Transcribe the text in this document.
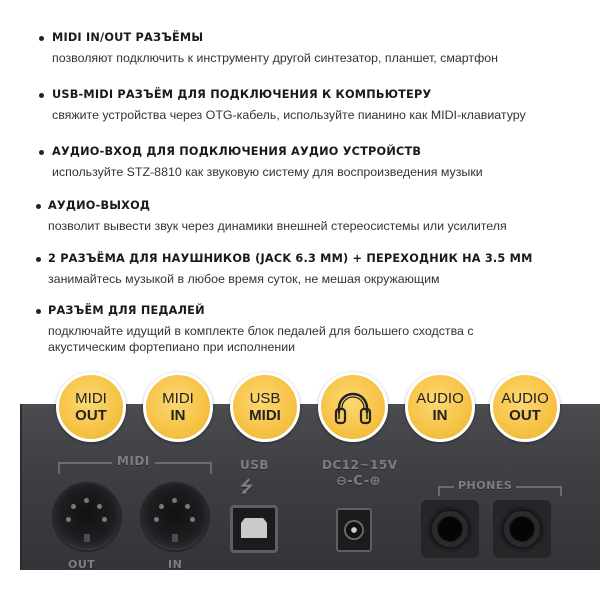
MIDI IN/OUT РАЗЪЁМЫ
позволяют подключить к инструменту другой синтезатор, планшет, смартфон
USB-MIDI РАЗЪЁМ ДЛЯ ПОДКЛЮЧЕНИЯ К КОМПЬЮТЕРУ
свяжите устройства через OTG-кабель, используйте пианино как MIDI-клавиатуру
АУДИО-ВХОД ДЛЯ ПОДКЛЮЧЕНИЯ АУДИО УСТРОЙСТВ
используйте STZ-8810 как звуковую систему для воспроизведения музыки
АУДИО-ВЫХОД
позволит вывести звук через динамики внешней стереосистемы или усилителя
2 РАЗЪЁМА ДЛЯ НАУШНИКОВ (JACK 6.3 ММ) + ПЕРЕХОДНИК НА 3.5 ММ
занимайтесь музыкой в любое время суток, не мешая окружающим
РАЗЪЁМ ДЛЯ ПЕДАЛЕЙ
подключайте идущий в комплекте блок педалей для большего сходства с
акустическим фортепиано при исполнении
MIDI	USB
⭍
DC12~15V
⊖-C-⊕	PHONES
OUT	IN
MIDI
OUT
MIDI
IN
USB
MIDI
AUDIO
IN
AUDIO
OUT
